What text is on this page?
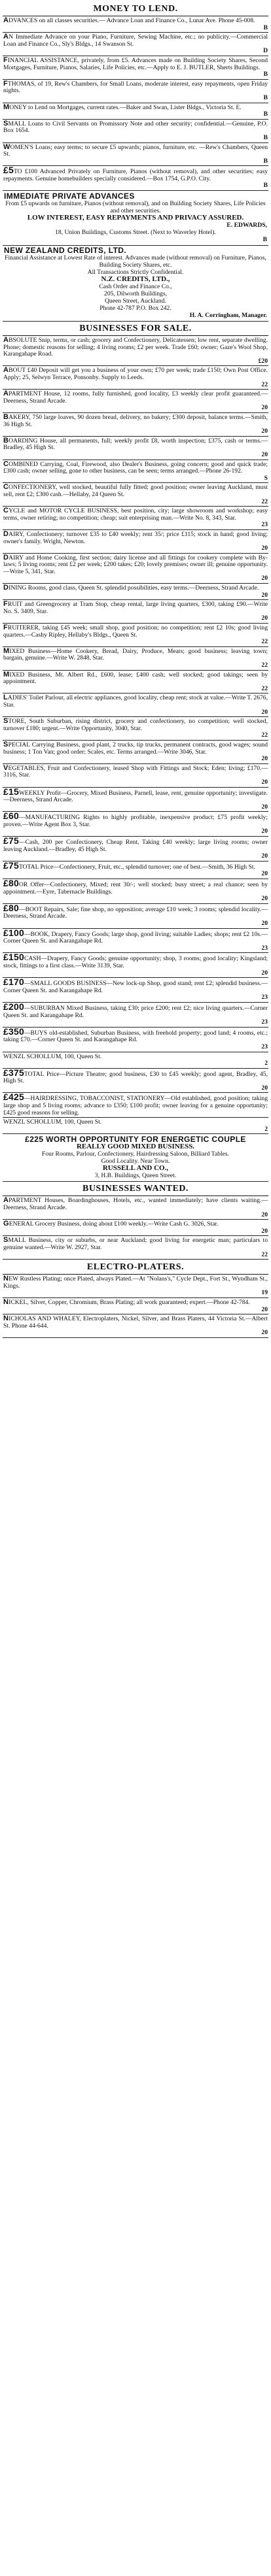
MONEY TO LEND.
ADVANCES on all classes securities.— Advance Loan and Finance Co., Lunar Ave. Phone 45-008.
B
AN Immediate Advance on your Piano, Furniture, Sewing Machine, etc.; no publicity.—Commercial Loan and Finance Co., Sly's Bldgs., 14 Swanson St.
D
FINANCIAL ASSISTANCE, privately, from £5. Advances made on Building Society Shares, Second Mortgages, Furniture, Pianos, Salaries, Life Policies, etc.—Apply to E. J. BUTLER, Sherts Buildings.
B
FTHOMAS, of 19, Rew's Chambers, for Small Loans, moderate interest, easy repayments, open Friday nights.
B
MONEY to Lend on Mortgages, current rates.—Baker and Swan, Lister Bldgs., Victoria St. E.
B
SMALL Loans to Civil Servants on Promissory Note and other security; confidential.—Genuine, P.O. Box 1654.
B
WOMEN'S Loans; easy terms; to secure £5 upwards; pianos, furniture, etc. —Rew's Chambers, Queen St.
B
£5TO £100 Advanced Privately on Furniture, Pianos (without removal), and other securities; easy repayments. Genuine homebuilders specially considered.—Box 1754, G.P.O. City.
B
IMMEDIATE PRIVATE ADVANCES
From £5 upwards on furniture, Pianos (without removal), and on Building Society Shares, Life Policies and other securities.
LOW INTEREST, EASY REPAYMENTS AND PRIVACY ASSURED.
E. EDWARDS,
18, Union Buildings, Customs Street. (Next to Waverley Hotel).
B
NEW ZEALAND CREDITS, LTD.
Financial Assistance at Lowest Rate of interest. Advances made (without removal) on Furniture, Pianos, Building Society Shares, etc.
All Transactions Strictly Confidential.
N.Z. CREDITS, LTD.,
Cash Order and Finance Co.,
205, Dilworth Buildings,
Queen Street, Auckland.
Phone 42-787 P.O. Box 242.
H. A. Corringham, Manager.
BUSINESSES FOR SALE.
ABSOLUTE Snip, terms, or cash; grocery and Confectionery, Delicatessen; low rent, separate dwelling. Phone; domestic reasons for selling; 4 living rooms; £2 per week. Trade £60; owner; Gaze's Wool Shop, Karangahape Road.
£20
ABOUT £40 Deposit will get you a business of your own; £70 per week; trade £150; Own Post Office. Apply; 25, Selwyn Terrace, Ponsonby. Supply to Leeds.
22
APARTMENT House, 12 rooms, fully furnished, good locality, £3 weekly clear profit guaranteed.—Deerness, Strand Arcade.
20
BAKERY, 750 large loaves, 90 dozen bread, delivery, no bakery; £300 deposit, balance terms.—Smith, 36 High St.
20
BOARDING House, all permanents, full; weekly profit £8, worth inspection; £375, cash or terms.—Bradley, 45 High St.
20
COMBINED Carrying, Coal, Firewood, also Dealer's Business, going concern; good and quick trade; £300 cash; owner selling, gone to other business, can be seen; terms arranged.—Phone 26-192.
S
CONFECTIONERY, well stocked, beautiful fully fitted; good position; owner leaving Auckland, must sell, rent £2; £300 cash.—Hellaby, 24 Queen St.
22
CYCLE and MOTOR CYCLE BUSINESS, best position, city; large showroom and workshop; easy terms, owner retiring; no competition; cheap; suit enterprising man.—Write No. 8, 343, Star.
23
DAIRY, Confectionery; turnover £35 to £40 weekly; rent 35/; price £115; stock in hand; good living; owner's family. Wright, Newton.
20
DAIRY and Home Cooking, first section; dairy license and all fittings for cookery complete with By-laws; 5 living rooms; rent £2 per week; £200 takes; £20; lovely premises; owner ill; genuine opportunity.—Write 5, 341, Star.
20
DINING Rooms, good class, Queen St. splendid possibilities, easy terms.—Deerness, Strand Arcade.
20
FRUIT and Greengrocery at Tram Stop, cheap rental, large living quarters, £300, taking £90.—Write No. S. 3409, Star.
20
FRUITERER, taking £45 week; small shop, good position; no competition; rent £2 10s; good living quarters.—Cashy Ripley, Hellaby's Bldgs., Queen St.
22
MIXED Business—Home Cookery, Bread, Dairy, Produce, Meats; good business; leaving town; bargain, genuine.—Write W. 2848, Star.
22
MIXED Business, Mt. Albert Rd., £600, lease; £400 cash; well stocked; good takings; seen by appointment.
22
LADIES' Toilet Parlour, all electric appliances, good locality, cheap rent; stock at value.—Write T. 2676, Star.
20
STORE, South Suburban, rising district, grocery and confectionery, no competition; well stocked, turnover £180; urgent.—Write Opportunity, 3040, Star.
22
SPECIAL Carrying Business, good plant, 2 trucks, tip trucks, permanent contracts, good wages; sound business; 1 Ton Van; good order; Scales, etc. Terms arranged.—Write 3046, Star.
20
VEGETABLES, Fruit and Confectionery, leased Shop with Fittings and Stock; Eden; living; £170.—3116, Star.
20
£15WEEKLY Profit—Grocery, Mixed Business, Parnell, lease, rent, genuine opportunity; investigate.—Deerness, Strand Arcade.
20
£60—MANUFACTURING Rights to highly profitable, inexpensive product; £75 profit weekly; proven.—Write Agent Box 3, Star.
20
£75—Cash, 200 per Confectionery, Cheap Rent, Taking £40 weekly; large living rooms; owner leaving Auckland.—Bradley, 45 High St.
20
£75TOTAL Price—Confectionery, Fruit, etc., splendid turnover; one of best.—Smith, 36 High St.
20
£80OR Offer—Confectionery, Mixed; rent 30/-; well stocked; busy street; a real chance; seen by appointment.—Eyre, Tabernacle Buildings.
20
£80—BOOT Repairs, Sale; fine shop, no opposition; average £10 week; 3 rooms; splendid locality.—Deerness, Strand Arcade.
20
£100—BOOK, Drapery, Fancy Goods; large shop, good living; suitable Ladies; shops; rent £2 10s.—Corner Queen St. and Karangahape Rd.
23
£150CASH—Drapery, Fancy Goods; genuine opportunity; shop, 3 rooms; good locality; Kingsland; stock, fittings to a first class.—Write 3139, Star.
20
£170—SMALL GOODS BUSINESS—New lock-up Shop, good stand; rent £2; splendid business.—Corner Queen St. and Karangahape Rd.
23
£200—SUBURBAN Mixed Business, taking £30; price £200; rent £2; nice living quarters.—Corner Queen St. and Karangahape Rd.
23
£350—BUYS old-established, Suburban Business, with freehold property; good land; 4 rooms, etc.; taking £70.—Corner Queen St. and Karangahape Rd.
23
WENZL SCHOLLUM, 100, Queen St.
2
£375TOTAL Price—Picture Theatre; good business, £30 to £45 weekly; good agent, Bradley, 45, High St.
20
£425—HAIRDRESSING, TOBACCONIST, STATIONERY—Old established, good position; taking large shop and 5 living rooms; advance to £350; £100 profit; owner leaving for a genuine opportunity; £425 good reasons for selling.
WENZL SCHOLLUM, 100, Queen St.
2
£225 WORTH OPPORTUNITY FOR ENERGETIC COUPLE
REALLY GOOD MIXED BUSINESS.
Four Rooms, Parlour, Confectionery, Hairdressing Saloon, Billiard Tables.
Good Locality. Near Town.
RUSSELL AND CO.,
3, H.B. Buildings, Queen Street.
BUSINESSES WANTED.
APARTMENT Houses, Boardinghouses, Hotels, etc., wanted immediately; have clients waiting.—Deerness, Strand Arcade.
20
GENERAL Grocery Business, doing about £100 weekly.—Write Cash G. 3026, Star.
20
SMALL Business, city or suburbs, or near Auckland; good living for energetic man; particulars to genuine wanted.—Write W. 2927, Star.
22
ELECTRO-PLATERS.
NEW Rustless Plating; once Plated, always Plated.—At "Nolans's," Cycle Dept., Fort St., Wyndham St., Kings.
19
NICKEL, Silver, Copper, Chromium, Brass Plating; all work guaranteed; expert.—Phone 42-784.
20
NICHOLAS AND WHALEY, Electroplaters, Nickel, Silver, and Brass Platers, 44 Victoria St.—Albert St. Phone 44-644.
20
